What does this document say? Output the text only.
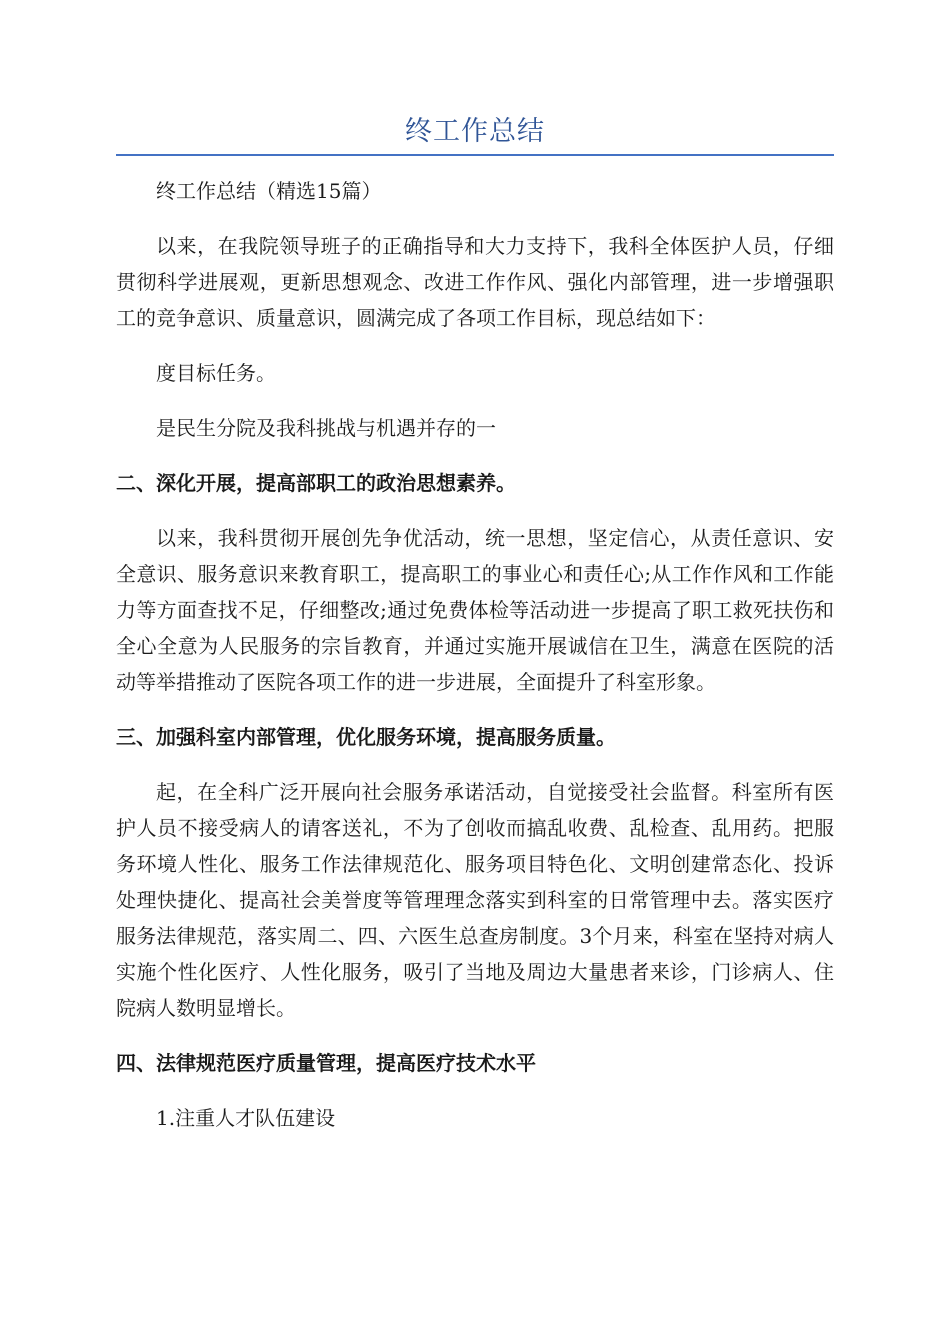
终工作总结

终工作总结（精选15篇）

以来，在我院领导班子的正确指导和大力支持下，我科全体医护人员，仔细贯彻科学进展观，更新思想观念、改进工作作风、强化内部管理，进一步增强职工的竞争意识、质量意识，圆满完成了各项工作目标，现总结如下：

度目标任务。

是民生分院及我科挑战与机遇并存的一

二、深化开展，提高部职工的政治思想素养。

以来，我科贯彻开展创先争优活动，统一思想，坚定信心，从责任意识、安全意识、服务意识来教育职工，提高职工的事业心和责任心;从工作作风和工作能力等方面查找不足，仔细整改;通过免费体检等活动进一步提高了职工救死扶伤和全心全意为人民服务的宗旨教育，并通过实施开展诚信在卫生，满意在医院的活动等举措推动了医院各项工作的进一步进展，全面提升了科室形象。

三、加强科室内部管理，优化服务环境，提高服务质量。

起，在全科广泛开展向社会服务承诺活动，自觉接受社会监督。科室所有医护人员不接受病人的请客送礼，不为了创收而搞乱收费、乱检查、乱用药。把服务环境人性化、服务工作法律规范化、服务项目特色化、文明创建常态化、投诉处理快捷化、提高社会美誉度等管理理念落实到科室的日常管理中去。落实医疗服务法律规范，落实周二、四、六医生总查房制度。3个月来，科室在坚持对病人实施个性化医疗、人性化服务，吸引了当地及周边大量患者来诊，门诊病人、住院病人数明显增长。

四、法律规范医疗质量管理，提高医疗技术水平

1.注重人才队伍建设
